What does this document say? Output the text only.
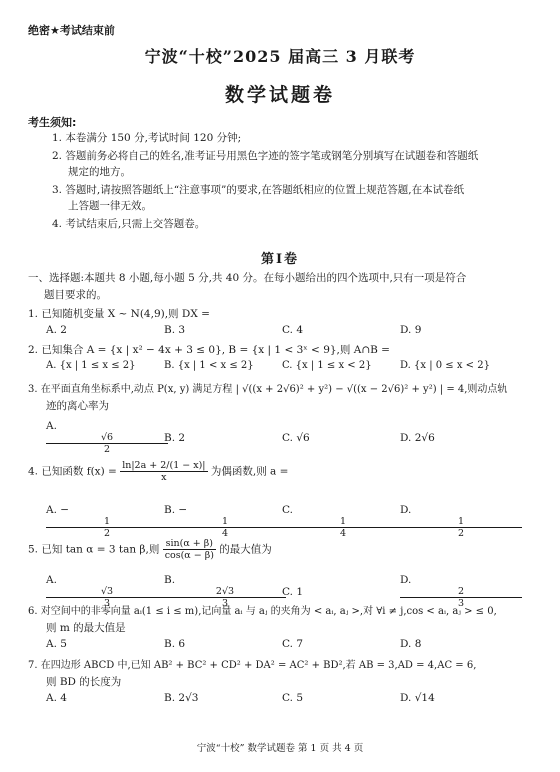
绝密★考试结束前
宁波“十校”2025 届高三 3 月联考
数学试题卷
考生须知:
1. 本卷满分 150 分,考试时间 120 分钟;
2. 答题前务必将自己的姓名,准考证号用黑色字迹的签字笔或钢笔分别填写在试题卷和答题纸
规定的地方。
3. 答题时,请按照答题纸上“注意事项”的要求,在答题纸相应的位置上规范答题,在本试卷纸
上答题一律无效。
4. 考试结束后,只需上交答题卷。
第Ⅰ卷
一、选择题:本题共 8 小题,每小题 5 分,共 40 分。在每小题给出的四个选项中,只有一项是符合
题目要求的。
1. 已知随机变量 X ~ N(4,9),则 DX =
A. 2	B. 3	C. 4	D. 9
2. 已知集合 A = {x | x² − 4x + 3 ≤ 0}, B = {x | 1 < 3ˣ < 9},则 A∩B =
A. {x | 1 ≤ x ≤ 2}	B. {x | 1 < x ≤ 2}	C. {x | 1 ≤ x < 2}	D. {x | 0 ≤ x < 2}
3. 在平面直角坐标系中,动点 P(x, y) 满足方程 | √((x + 2√6)² + y²) − √((x − 2√6)² + y²) | = 4,则动点轨
迹的离心率为
A.
$\frac{√6}{2} B$. 2	C. √6	D. 2√6
4. 已知函数 $f(x) = \frac{\ln|2a + 2/(1 - x)|}{x}$ 为偶函数,则 a =
A. −
$\frac{1}{2}$
B. −
$\frac{1}{4}$
C.
$\frac{1}{4}$
D.
$\frac{1}{2}$
5. 已知 tan α = 3 tan β,则 $\frac{\sin(\alpha + \beta)}{\cos(\alpha - \beta)}$ 的最大值为
A.
$\frac{√3}{3}$
B.
$\frac{2√3}{3} C$. 1
D.
$\frac{2}{3}$
6. 对空间中的非零向量 aᵢ(1 ≤ i ≤ m),记向量 aᵢ 与 aⱼ 的夹角为 < aᵢ, aⱼ >,对 ∀i ≠ j,cos < aᵢ, aⱼ > ≤ 0,
则 m 的最大值是
A. 5	B. 6	C. 7	D. 8
7. 在四边形 ABCD 中,已知 AB² + BC² + CD² + DA² = AC² + BD²,若 AB = 3,AD = 4,AC = 6,
则 BD 的长度为
A. 4	B. 2√3	C. 5	D. √14
宁波“十校” 数学试题卷 第 1 页 共 4 页
